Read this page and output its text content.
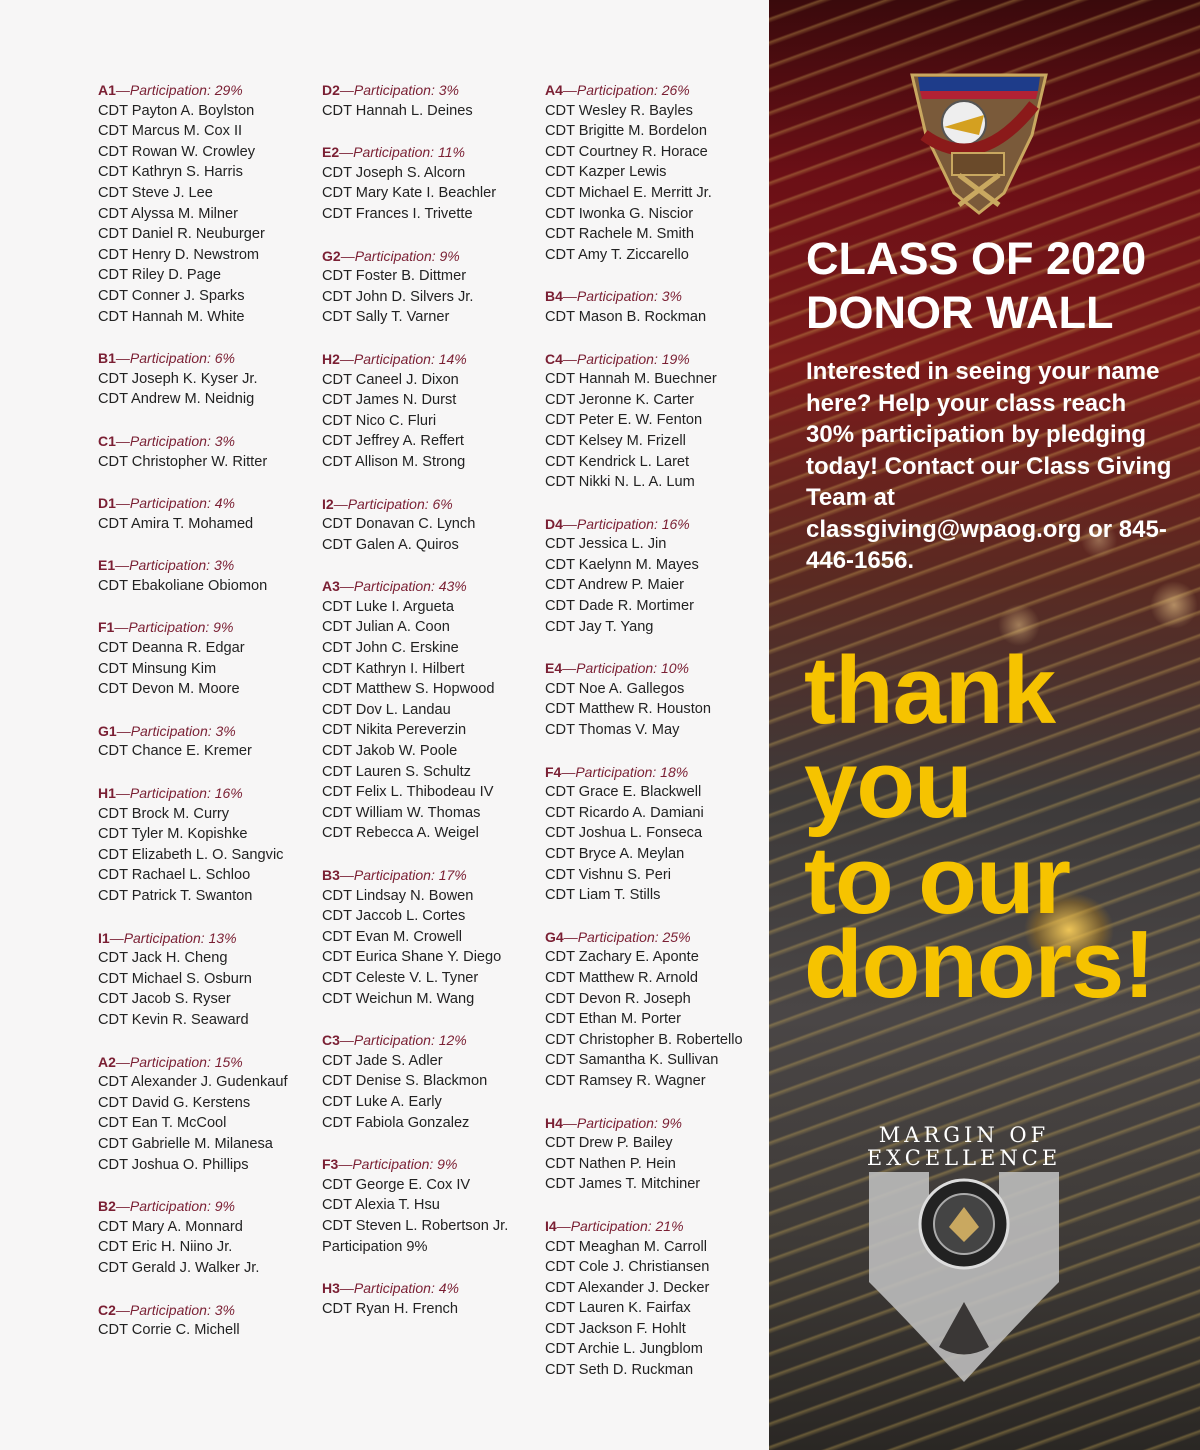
A1—Participation: 29%
CDT Payton A. Boylston
CDT Marcus M. Cox II
CDT Rowan W. Crowley
CDT Kathryn S. Harris
CDT Steve J. Lee
CDT Alyssa M. Milner
CDT Daniel R. Neuburger
CDT Henry D. Newstrom
CDT Riley D. Page
CDT Conner J. Sparks
CDT Hannah M. White
B1—Participation: 6%
CDT Joseph K. Kyser Jr.
CDT Andrew M. Neidnig
C1—Participation: 3%
CDT Christopher W. Ritter
D1—Participation: 4%
CDT Amira T. Mohamed
E1—Participation: 3%
CDT Ebakoliane Obiomon
F1—Participation: 9%
CDT Deanna R. Edgar
CDT Minsung Kim
CDT Devon M. Moore
G1—Participation: 3%
CDT Chance E. Kremer
H1—Participation: 16%
CDT Brock M. Curry
CDT Tyler M. Kopishke
CDT Elizabeth L. O. Sangvic
CDT Rachael L. Schloo
CDT Patrick T. Swanton
I1—Participation: 13%
CDT Jack H. Cheng
CDT Michael S. Osburn
CDT Jacob S. Ryser
CDT Kevin R. Seaward
A2—Participation: 15%
CDT Alexander J. Gudenkauf
CDT David G. Kerstens
CDT Ean T. McCool
CDT Gabrielle M. Milanesa
CDT Joshua O. Phillips
B2—Participation: 9%
CDT Mary A. Monnard
CDT Eric H. Niino Jr.
CDT Gerald J. Walker Jr.
C2—Participation: 3%
CDT Corrie C. Michell
D2—Participation: 3%
CDT Hannah L. Deines
E2—Participation: 11%
CDT Joseph S. Alcorn
CDT Mary Kate I. Beachler
CDT Frances I. Trivette
G2—Participation: 9%
CDT Foster B. Dittmer
CDT John D. Silvers Jr.
CDT Sally T. Varner
H2—Participation: 14%
CDT Caneel J. Dixon
CDT James N. Durst
CDT Nico C. Fluri
CDT Jeffrey A. Reffert
CDT Allison M. Strong
I2—Participation: 6%
CDT Donavan C. Lynch
CDT Galen A. Quiros
A3—Participation: 43%
CDT Luke I. Argueta
CDT Julian A. Coon
CDT John C. Erskine
CDT Kathryn I. Hilbert
CDT Matthew S. Hopwood
CDT Dov L. Landau
CDT Nikita Pereverzin
CDT Jakob W. Poole
CDT Lauren S. Schultz
CDT Felix L. Thibodeau IV
CDT William W. Thomas
CDT Rebecca A. Weigel
B3—Participation: 17%
CDT Lindsay N. Bowen
CDT Jaccob L. Cortes
CDT Evan M. Crowell
CDT Eurica Shane Y. Diego
CDT Celeste V. L. Tyner
CDT Weichun M. Wang
C3—Participation: 12%
CDT Jade S. Adler
CDT Denise S. Blackmon
CDT Luke A. Early
CDT Fabiola Gonzalez
F3—Participation: 9%
CDT George E. Cox IV
CDT Alexia T. Hsu
CDT Steven L. Robertson Jr.
Participation 9%
H3—Participation: 4%
CDT Ryan H. French
A4—Participation: 26%
CDT Wesley R. Bayles
CDT Brigitte M. Bordelon
CDT Courtney R. Horace
CDT Kazper Lewis
CDT Michael E. Merritt Jr.
CDT Iwonka G. Niscior
CDT Rachele M. Smith
CDT Amy T. Ziccarello
B4—Participation: 3%
CDT Mason B. Rockman
C4—Participation: 19%
CDT Hannah M. Buechner
CDT Jeronne K. Carter
CDT Peter E. W. Fenton
CDT Kelsey M. Frizell
CDT Kendrick L. Laret
CDT Nikki N. L. A. Lum
D4—Participation: 16%
CDT Jessica L. Jin
CDT Kaelynn M. Mayes
CDT Andrew P. Maier
CDT Dade R. Mortimer
CDT Jay T. Yang
E4—Participation: 10%
CDT Noe A. Gallegos
CDT Matthew R. Houston
CDT Thomas V. May
F4—Participation: 18%
CDT Grace E. Blackwell
CDT Ricardo A. Damiani
CDT Joshua L. Fonseca
CDT Bryce A. Meylan
CDT Vishnu S. Peri
CDT Liam T. Stills
G4—Participation: 25%
CDT Zachary E. Aponte
CDT Matthew R. Arnold
CDT Devon R. Joseph
CDT Ethan M. Porter
CDT Christopher B. Robertello
CDT Samantha K. Sullivan
CDT Ramsey R. Wagner
H4—Participation: 9%
CDT Drew P. Bailey
CDT Nathen P. Hein
CDT James T. Mitchiner
I4—Participation: 21%
CDT Meaghan M. Carroll
CDT Cole J. Christiansen
CDT Alexander J. Decker
CDT Lauren K. Fairfax
CDT Jackson F. Hohlt
CDT Archie L. Jungblom
CDT Seth D. Ruckman
CLASS OF 2020
DONOR WALL
Interested in seeing your name here? Help your class reach 30% participation by pledging today! Contact our Class Giving Team at classgiving@wpaog.org or 845-446-1656.
thank
you
to our
donors!
MARGIN OF
EXCELLENCE
